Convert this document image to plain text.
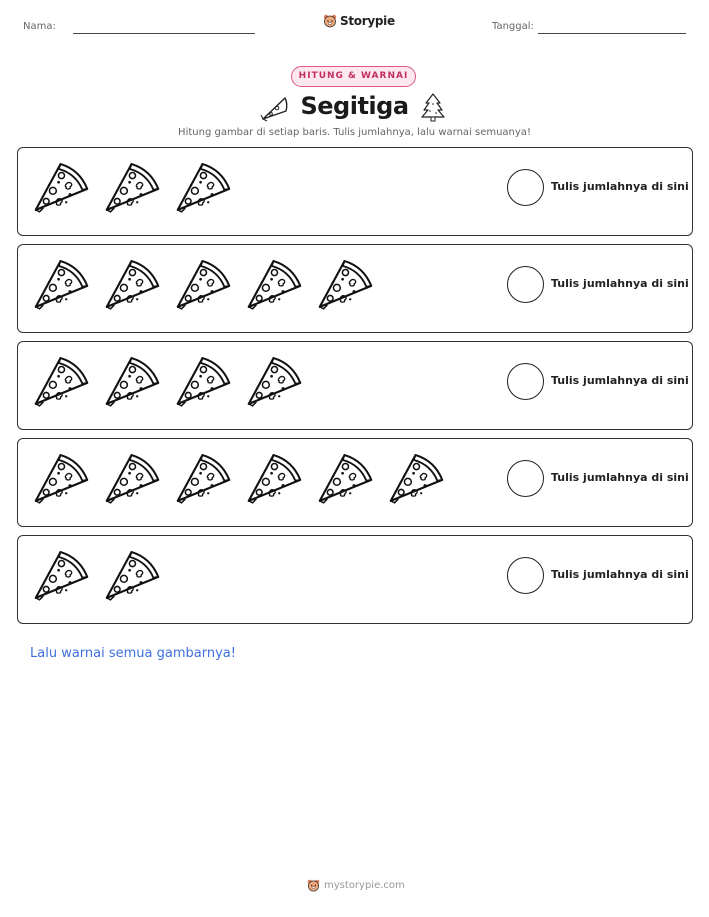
Nama:	Storypie	Tanggal:
HITUNG & WARNAI
Segitiga
Hitung gambar di setiap baris. Tulis jumlahnya, lalu warnai semuanya!
Tulis jumlahnya di sini
Tulis jumlahnya di sini
Tulis jumlahnya di sini
Tulis jumlahnya di sini
Tulis jumlahnya di sini
Lalu warnai semua gambarnya!
mystorypie.com
